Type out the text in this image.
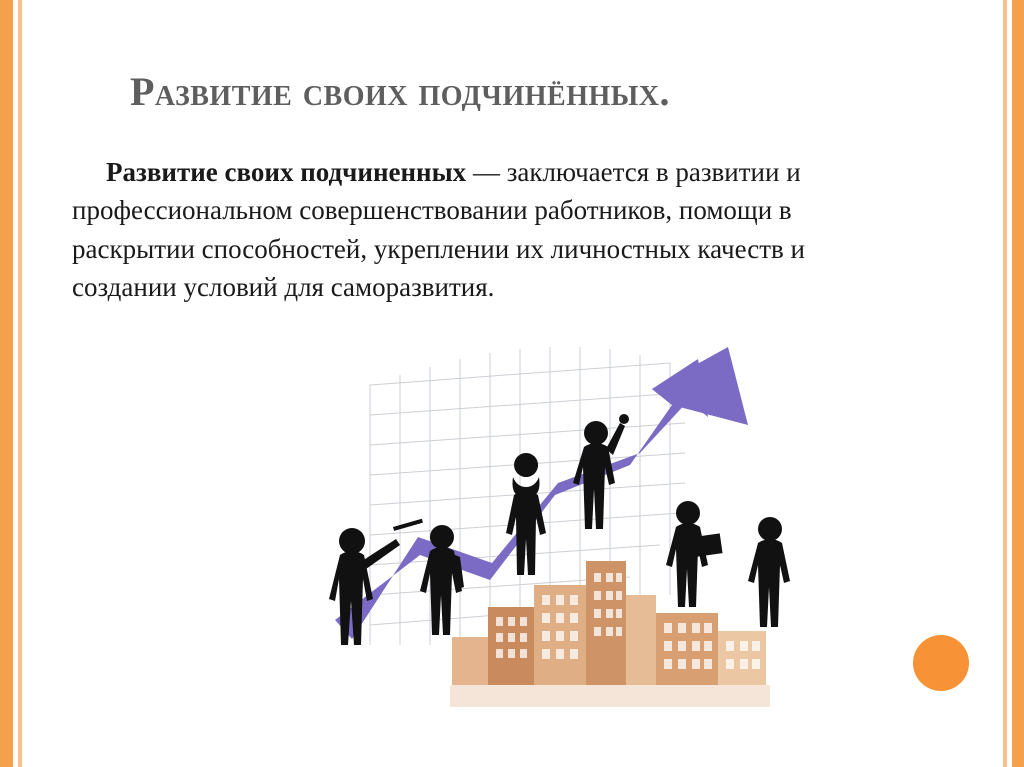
Развитие своих подчинённых.

Развитие своих подчиненных — заключается в развитии и профессиональном совершенствовании работников, помощи в раскрытии способностей, укреплении их личностных качеств и создании условий для саморазвития.
